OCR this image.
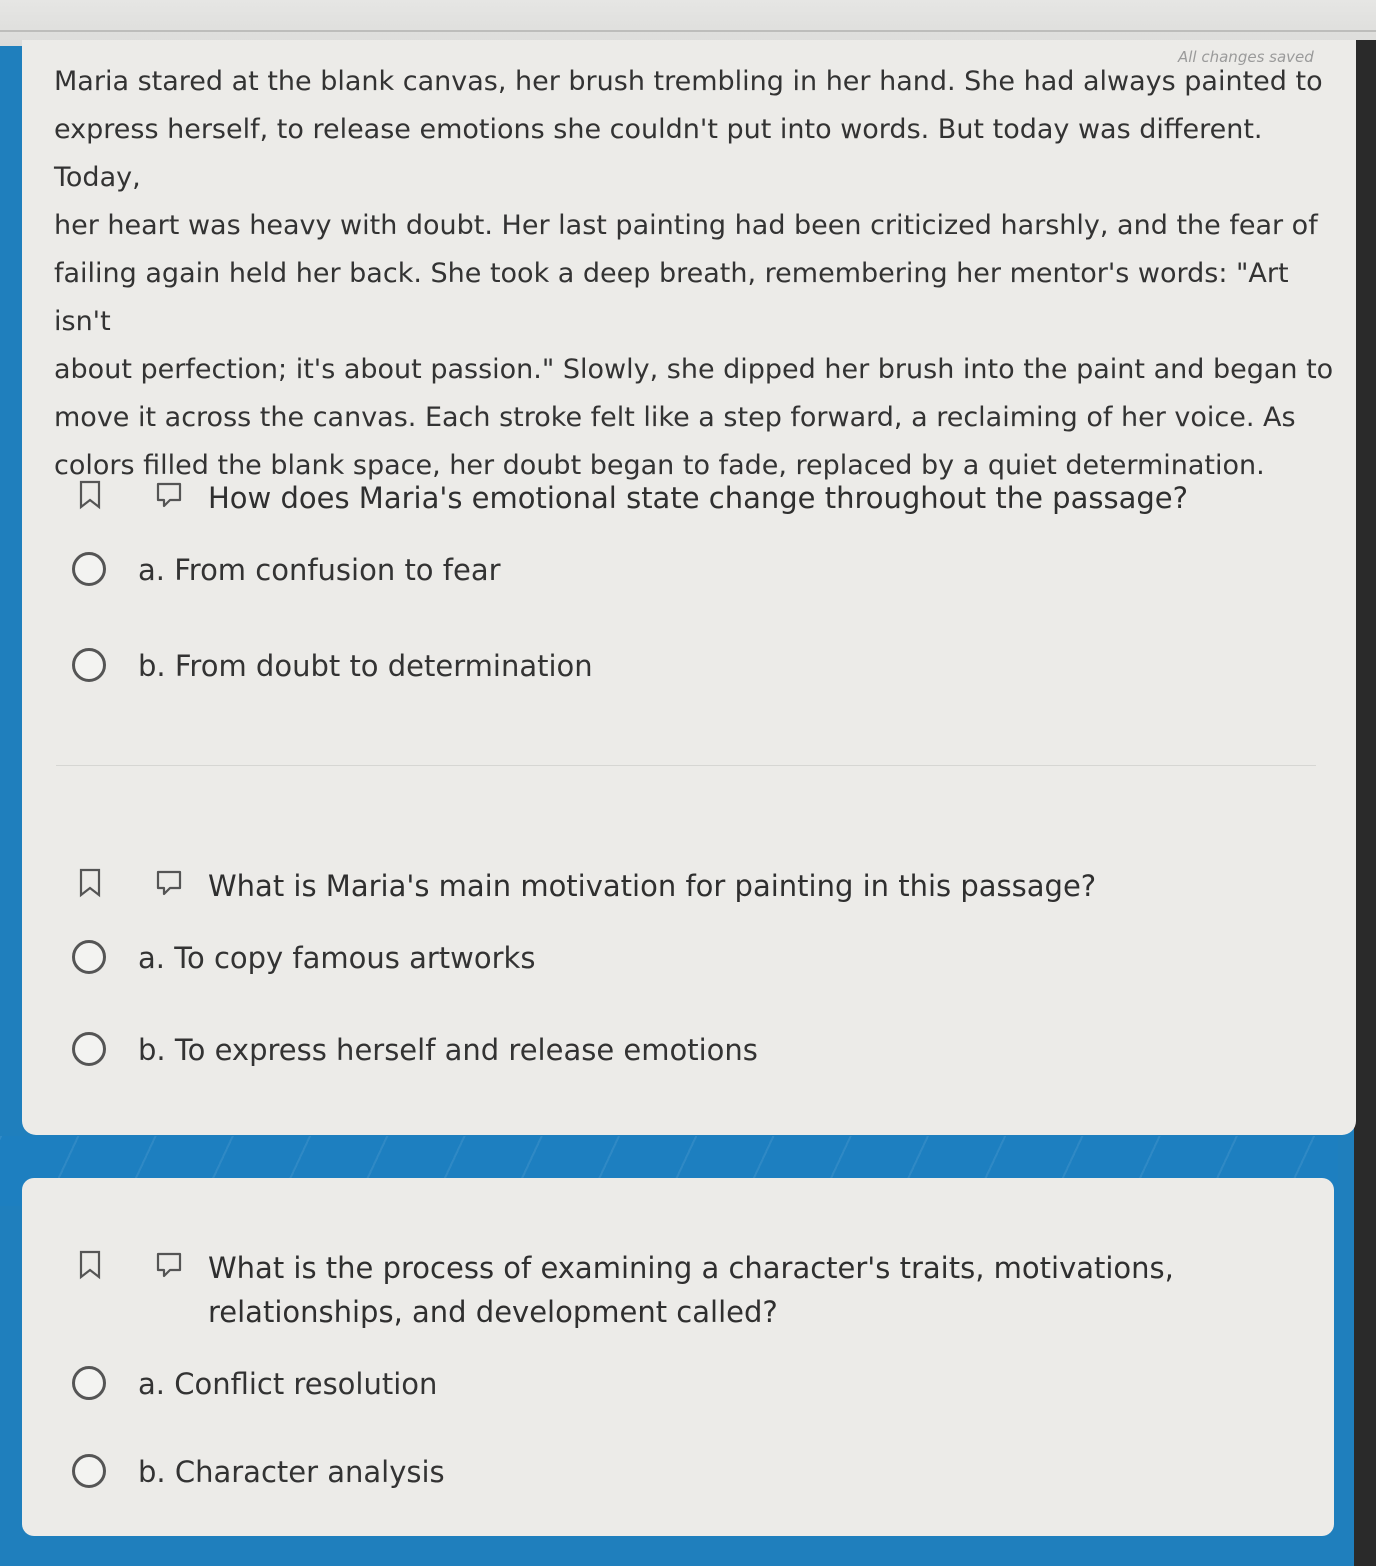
All changes saved
Maria stared at the blank canvas, her brush trembling in her hand. She had always painted to
express herself, to release emotions she couldn't put into words. But today was different. Today,
her heart was heavy with doubt. Her last painting had been criticized harshly, and the fear of
failing again held her back. She took a deep breath, remembering her mentor's words: "Art isn't
about perfection; it's about passion." Slowly, she dipped her brush into the paint and began to
move it across the canvas. Each stroke felt like a step forward, a reclaiming of her voice. As
colors filled the blank space, her doubt began to fade, replaced by a quiet determination.
How does Maria's emotional state change throughout the passage?
a. From confusion to fear
b. From doubt to determination
What is Maria's main motivation for painting in this passage?
a. To copy famous artworks
b. To express herself and release emotions
What is the process of examining a character's traits, motivations, relationships, and development called?
a. Conflict resolution
b. Character analysis
